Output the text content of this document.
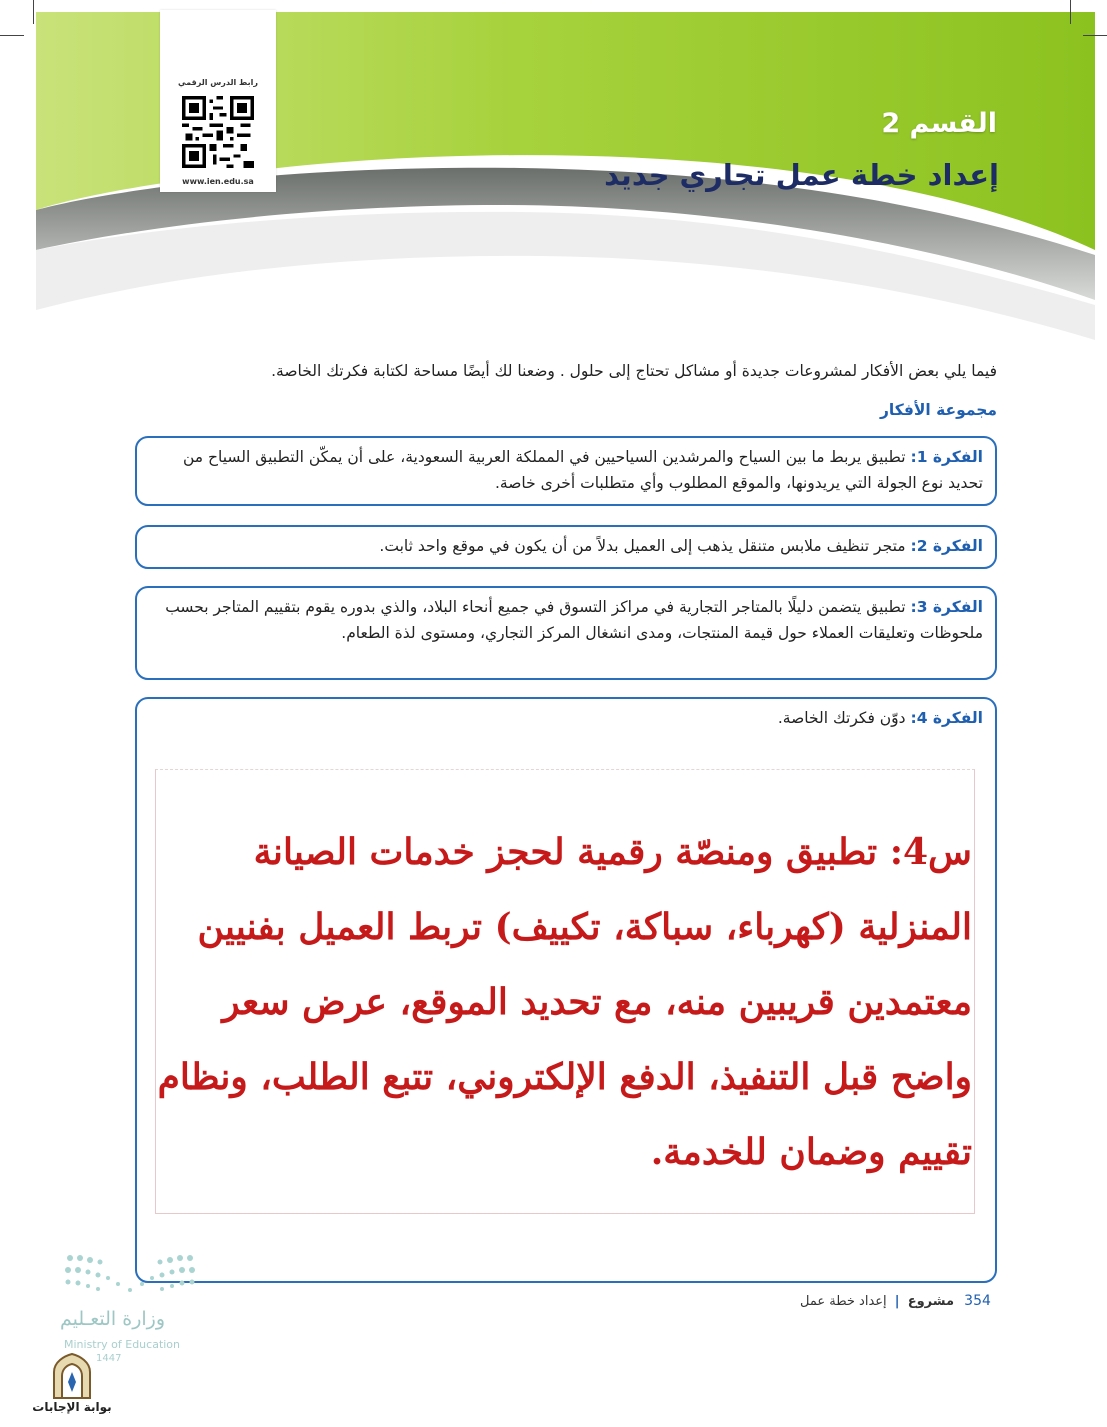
رابط الدرس الرقمي
www.ien.edu.sa
القسم 2
إعداد خطة عمل تجاري جديد
فيما يلي بعض الأفكار لمشروعات جديدة أو مشاكل تحتاج إلى حلول . وضعنا لك أيضًا مساحة لكتابة فكرتك الخاصة.
مجموعة الأفكار
الفكرة 1: تطبيق يربط ما بين السياح والمرشدين السياحيين في المملكة العربية السعودية، على أن يمكّن التطبيق السياح من تحديد نوع الجولة التي يريدونها، والموقع المطلوب وأي متطلبات أخرى خاصة.
الفكرة 2: متجر تنظيف ملابس متنقل يذهب إلى العميل بدلاً من أن يكون في موقع واحد ثابت.
الفكرة 3: تطبيق يتضمن دليلًا بالمتاجر التجارية في مراكز التسوق في جميع أنحاء البلاد، والذي بدوره يقوم بتقييم المتاجر بحسب ملحوظات وتعليقات العملاء حول قيمة المنتجات، ومدى انشغال المركز التجاري، ومستوى لذة الطعام.
الفكرة 4: دوّن فكرتك الخاصة.
س4: تطبيق ومنصّة رقمية لحجز خدمات الصيانة المنزلية (كهرباء، سباكة، تكييف) تربط العميل بفنيين معتمدين قريبين منه، مع تحديد الموقع، عرض سعر واضح قبل التنفيذ، الدفع الإلكتروني، تتبع الطلب، ونظام تقييم وضمان للخدمة.
وزارة التعـليم
Ministry of Education
1447
بوابة الإجابات
354 مشروع | إعداد خطة عمل
